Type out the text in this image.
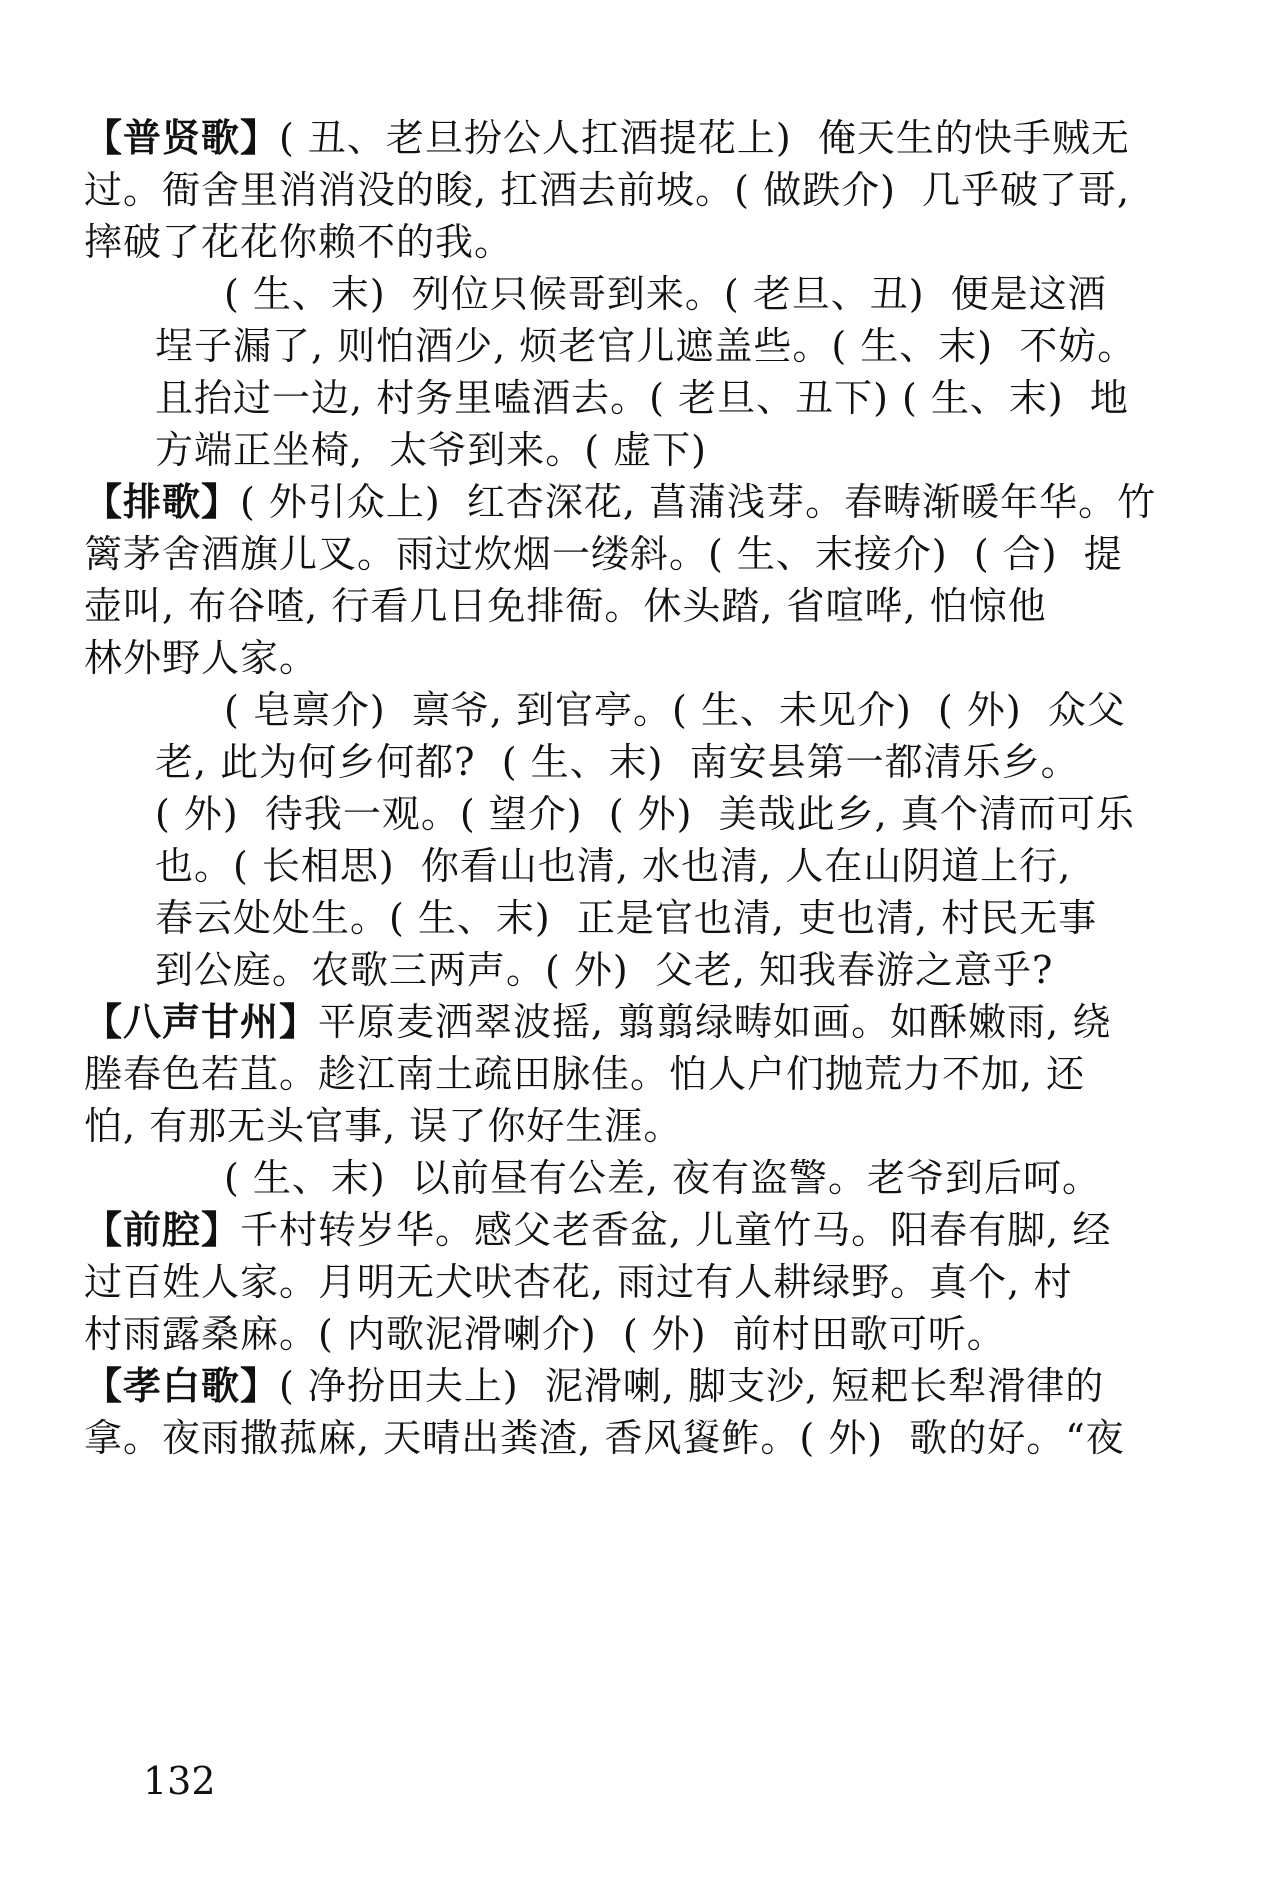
【普贤歌】( 丑、老旦扮公人扛酒提花上)  俺天生的快手贼无
过。衙舍里消消没的睃, 扛酒去前坡。( 做跌介)  几乎破了哥,
摔破了花花你赖不的我。
( 生、末)  列位只候哥到来。( 老旦、丑)  便是这酒
埕子漏了, 则怕酒少, 烦老官儿遮盖些。( 生、末)  不妨。
且抬过一边, 村务里嗑酒去。( 老旦、丑下) ( 生、末)  地
方端正坐椅,  太爷到来。( 虚下)
【排歌】( 外引众上)  红杏深花, 菖蒲浅芽。春畴渐暖年华。竹
篱茅舍酒旗儿叉。雨过炊烟一缕斜。( 生、末接介)  ( 合)  提
壶叫, 布谷喳, 行看几日免排衙。休头踏, 省喧哗, 怕惊他
林外野人家。
( 皂禀介)  禀爷, 到官亭。( 生、未见介)  ( 外)  众父
老, 此为何乡何都?  ( 生、末)  南安县第一都清乐乡。
( 外)  待我一观。( 望介)  ( 外)  美哉此乡, 真个清而可乐
也。( 长相思)  你看山也清, 水也清, 人在山阴道上行,
春云处处生。( 生、末)  正是官也清, 吏也清, 村民无事
到公庭。农歌三两声。( 外)  父老, 知我春游之意乎?
【八声甘州】平原麦洒翠波摇, 翦翦绿畴如画。如酥嫩雨, 绕
塍春色若苴。趁江南土疏田脉佳。怕人户们抛荒力不加, 还
怕, 有那无头官事, 误了你好生涯。
( 生、末)  以前昼有公差, 夜有盗警。老爷到后呵。
【前腔】千村转岁华。感父老香盆, 儿童竹马。阳春有脚, 经
过百姓人家。月明无犬吠杏花, 雨过有人耕绿野。真个, 村
村雨露桑麻。( 内歌泥滑喇介)  ( 外)  前村田歌可听。
【孝白歌】( 净扮田夫上)  泥滑喇, 脚支沙, 短耙长犁滑律的
拿。夜雨撒菰麻, 天晴出粪渣, 香风𩜾鲊。( 外)  歌的好。“夜
132
